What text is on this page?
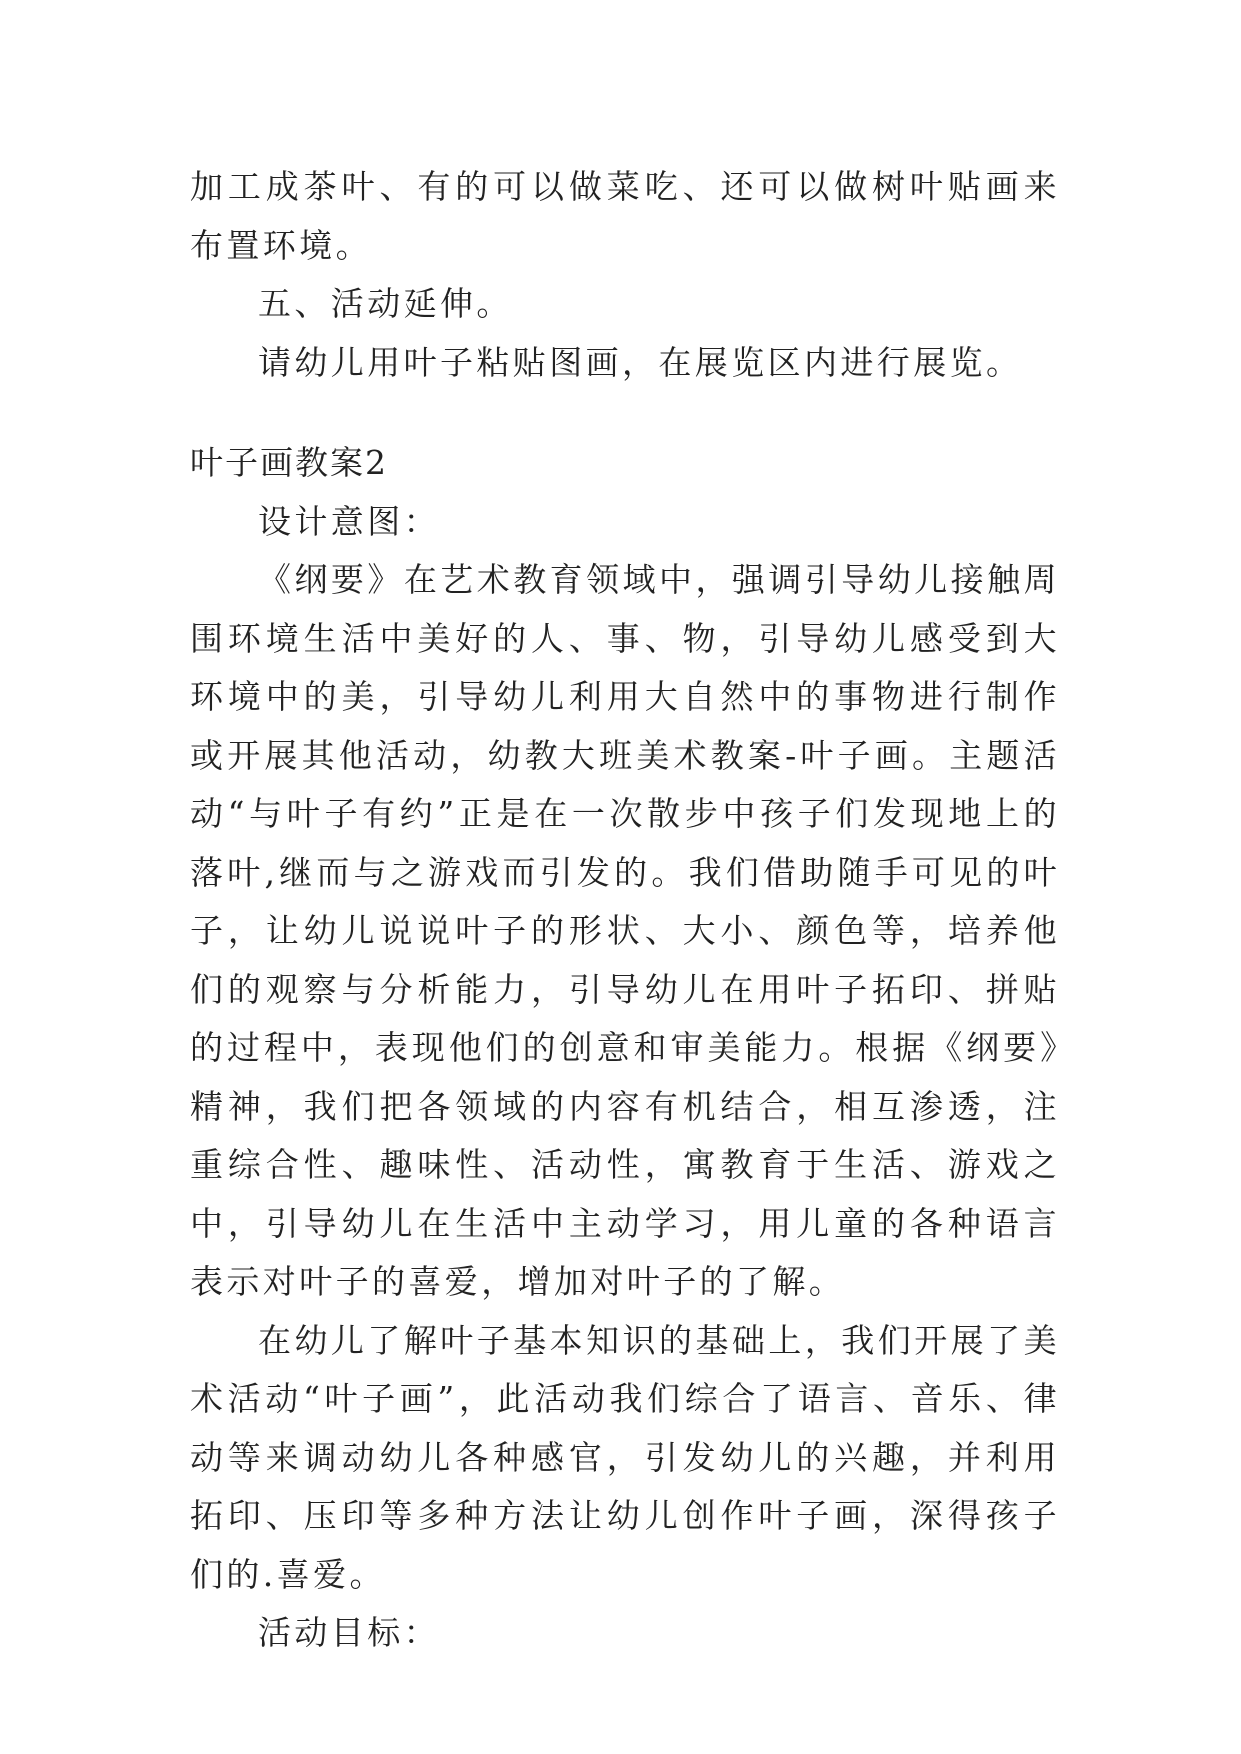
加工成茶叶、有的可以做菜吃、还可以做树叶贴画来布置环境。

五、活动延伸。

请幼儿用叶子粘贴图画，在展览区内进行展览。

叶子画教案2

设计意图：

《纲要》在艺术教育领域中，强调引导幼儿接触周围环境生活中美好的人、事、物，引导幼儿感受到大环境中的美，引导幼儿利用大自然中的事物进行制作或开展其他活动，幼教大班美术教案-叶子画。主题活动“与叶子有约”正是在一次散步中孩子们发现地上的落叶,继而与之游戏而引发的。我们借助随手可见的叶子，让幼儿说说叶子的形状、大小、颜色等，培养他们的观察与分析能力，引导幼儿在用叶子拓印、拼贴的过程中，表现他们的创意和审美能力。根据《纲要》精神，我们把各领域的内容有机结合，相互渗透，注重综合性、趣味性、活动性，寓教育于生活、游戏之中，引导幼儿在生活中主动学习，用儿童的各种语言表示对叶子的喜爱，增加对叶子的了解。

在幼儿了解叶子基本知识的基础上，我们开展了美术活动“叶子画”，此活动我们综合了语言、音乐、律动等来调动幼儿各种感官，引发幼儿的兴趣，并利用拓印、压印等多种方法让幼儿创作叶子画，深得孩子们的.喜爱。

活动目标：
